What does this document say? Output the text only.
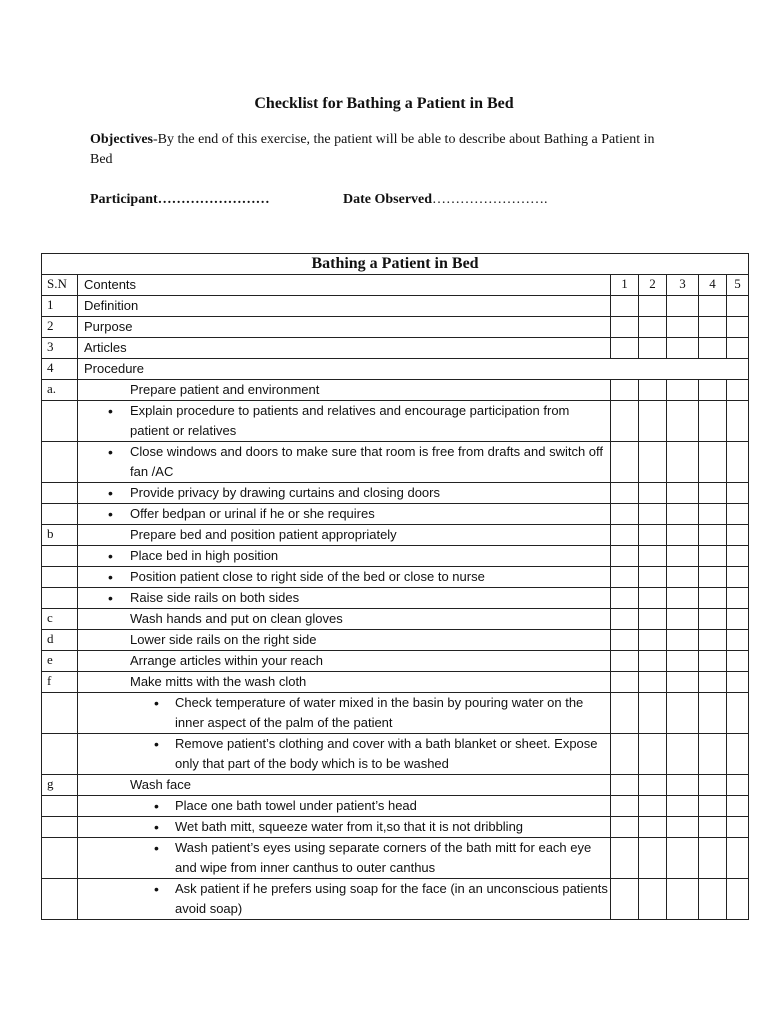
Checklist for Bathing a Patient in Bed
Objectives-By the end of this exercise, the patient will be able to describe about Bathing a Patient in Bed
Participant……………………	Date Observed…………………….
Bathing a Patient in Bed						
S.N	Contents	1	2	3	4	5
1	Definition					
2	Purpose					
3	Articles					
4	Procedure					
a.	Prepare patient and environment					

	• Explain procedure to patients and relatives and encourage participation from patient or relatives					

	• Close windows and doors to make sure that room is free from drafts and switch off fan /AC					

	• Provide privacy by drawing curtains and closing doors					

	• Offer bedpan or urinal if he or she requires					
b	Prepare bed and position patient appropriately					

	• Place bed in high position					

	• Position patient close to right side of the bed or close to nurse					

	• Raise side rails on both sides					
c	Wash hands and put on clean gloves					
d	Lower side rails on the right side					
e	Arrange articles within your reach					
f	Make mitts with the wash cloth					

	• Check temperature of water mixed in the basin by pouring water on the inner aspect of the palm of the patient					

	• Remove patient’s clothing and cover with a bath blanket or sheet. Expose only that part of the body which is to be washed					
g	Wash face					

	• Place one bath towel under patient’s head					

	• Wet bath mitt, squeeze water from it,so that it is not dribbling					

	• Wash patient’s eyes using separate corners of the bath mitt for each eye and wipe from inner canthus to outer canthus					

	• Ask patient if he prefers using soap for the face (in an unconscious patients avoid soap)					
